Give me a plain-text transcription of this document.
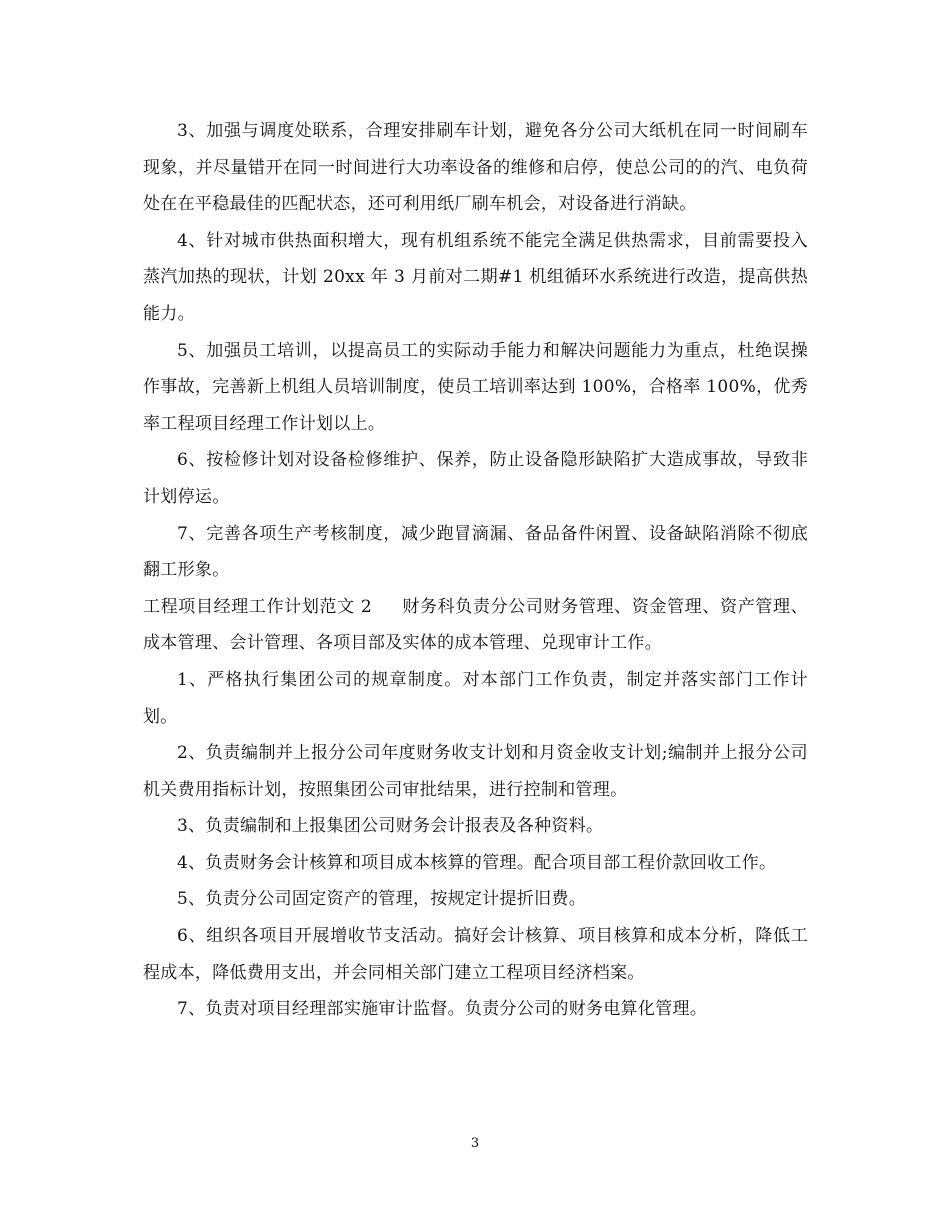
3、加强与调度处联系，合理安排刷车计划，避免各分公司大纸机在同一时间刷车现象，并尽量错开在同一时间进行大功率设备的维修和启停，使总公司的的汽、电负荷处在在平稳最佳的匹配状态，还可利用纸厂刷车机会，对设备进行消缺。

4、针对城市供热面积增大，现有机组系统不能完全满足供热需求，目前需要投入蒸汽加热的现状，计划 20xx 年 3 月前对二期#1 机组循环水系统进行改造，提高供热能力。

5、加强员工培训，以提高员工的实际动手能力和解决问题能力为重点，杜绝误操作事故，完善新上机组人员培训制度，使员工培训率达到 100%，合格率 100%，优秀率工程项目经理工作计划以上。

6、按检修计划对设备检修维护、保养，防止设备隐形缺陷扩大造成事故，导致非计划停运。

7、完善各项生产考核制度，减少跑冒滴漏、备品备件闲置、设备缺陷消除不彻底翻工形象。

工程项目经理工作计划范文 2 财务科负责分公司财务管理、资金管理、资产管理、成本管理、会计管理、各项目部及实体的成本管理、兑现审计工作。

1、严格执行集团公司的规章制度。对本部门工作负责，制定并落实部门工作计划。

2、负责编制并上报分公司年度财务收支计划和月资金收支计划;编制并上报分公司机关费用指标计划，按照集团公司审批结果，进行控制和管理。

3、负责编制和上报集团公司财务会计报表及各种资料。

4、负责财务会计核算和项目成本核算的管理。配合项目部工程价款回收工作。

5、负责分公司固定资产的管理，按规定计提折旧费。

6、组织各项目开展增收节支活动。搞好会计核算、项目核算和成本分析，降低工程成本，降低费用支出，并会同相关部门建立工程项目经济档案。

7、负责对项目经理部实施审计监督。负责分公司的财务电算化管理。

3
